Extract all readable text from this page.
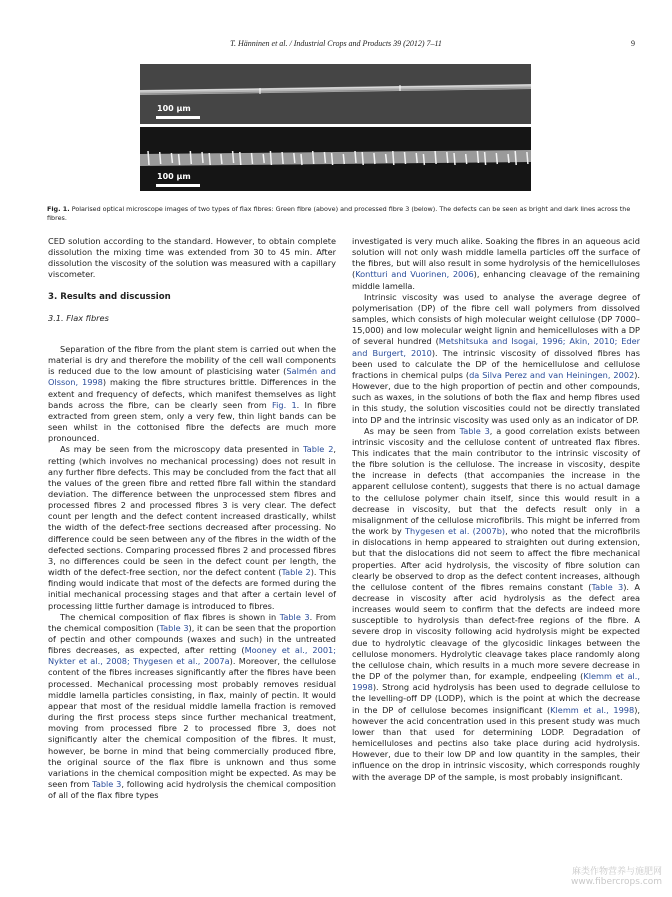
T. Hänninen et al. / Industrial Crops and Products 39 (2012) 7–11	9
100 μm
100 μm
Fig. 1. Polarised optical microscope images of two types of flax fibres: Green fibre (above) and processed fibre 3 (below). The defects can be seen as bright and dark lines across the fibres.

CED solution according to the standard. However, to obtain complete dissolution the mixing time was extended from 30 to 45 min. After dissolution the viscosity of the solution was measured with a capillary viscometer.

3. Results and discussion

3.1. Flax fibres

Separation of the fibre from the plant stem is carried out when the material is dry and therefore the mobility of the cell wall components is reduced due to the low amount of plasticising water (Salmén and Olsson, 1998) making the fibre structures brittle. Differences in the extent and frequency of defects, which manifest themselves as light bands across the fibre, can be clearly seen from Fig. 1. In fibre extracted from green stem, only a very few, thin light bands can be seen whilst in the cottonised fibre the defects are much more pronounced.

As may be seen from the microscopy data presented in Table 2, retting (which involves no mechanical processing) does not result in any further fibre defects. This may be concluded from the fact that all the values of the green fibre and retted fibre fall within the standard deviation. The difference between the unprocessed stem fibres and processed fibres 2 and processed fibres 3 is very clear. The defect count per length and the defect content increased drastically, whilst the width of the defect-free sections decreased after processing. No difference could be seen between any of the fibres in the width of the defected sections. Comparing processed fibres 2 and processed fibres 3, no differences could be seen in the defect count per length, the width of the defect-free section, nor the defect content (Table 2). This finding would indicate that most of the defects are formed during the initial mechanical processing stages and that after a certain level of processing little further damage is introduced to fibres.

The chemical composition of flax fibres is shown in Table 3. From the chemical composition (Table 3), it can be seen that the proportion of pectin and other compounds (waxes and such) in the untreated fibres decreases, as expected, after retting (Mooney et al., 2001; Nykter et al., 2008; Thygesen et al., 2007a). Moreover, the cellulose content of the fibres increases significantly after the fibres have been processed. Mechanical processing most probably removes residual middle lamella particles consisting, in flax, mainly of pectin. It would appear that most of the residual middle lamella fraction is removed during the first process steps since further mechanical treatment, moving from processed fibre 2 to processed fibre 3, does not significantly alter the chemical composition of the fibres. It must, however, be borne in mind that being commercially produced fibre, the original source of the flax fibre is unknown and thus some variations in the chemical composition might be expected. As may be seen from Table 3, following acid hydrolysis the chemical composition of all of the flax fibre types

investigated is very much alike. Soaking the fibres in an aqueous acid solution will not only wash middle lamella particles off the surface of the fibres, but will also result in some hydrolysis of the hemicelluloses (Kontturi and Vuorinen, 2006), enhancing cleavage of the remaining middle lamella.

Intrinsic viscosity was used to analyse the average degree of polymerisation (DP) of the fibre cell wall polymers from dissolved samples, which consists of high molecular weight cellulose (DP 7000–15,000) and low molecular weight lignin and hemicelluloses with a DP of several hundred (Metshitsuka and Isogai, 1996; Akin, 2010; Eder and Burgert, 2010). The intrinsic viscosity of dissolved fibres has been used to calculate the DP of the hemicellulose and cellulose fractions in chemical pulps (da Silva Perez and van Heiningen, 2002). However, due to the high proportion of pectin and other compounds, such as waxes, in the solutions of both the flax and hemp fibres used in this study, the solution viscosities could not be directly translated into DP and the intrinsic viscosity was used only as an indicator of DP.

As may be seen from Table 3, a good correlation exists between intrinsic viscosity and the cellulose content of untreated flax fibres. This indicates that the main contributor to the intrinsic viscosity of the fibre solution is the cellulose. The increase in viscosity, despite the increase in defects (that accompanies the increase in the apparent cellulose content), suggests that there is no actual damage to the cellulose polymer chain itself, since this would result in a decrease in viscosity, but that the defects result only in a misalignment of the cellulose microfibrils. This might be inferred from the work by Thygesen et al. (2007b), who noted that the microfibrils in dislocations in hemp appeared to straighten out during extension, but that the dislocations did not seem to affect the fibre mechanical properties. After acid hydrolysis, the viscosity of fibre solution can clearly be observed to drop as the defect content increases, although the cellulose content of the fibres remains constant (Table 3). A decrease in viscosity after acid hydrolysis as the defect area increases would seem to confirm that the defects are indeed more susceptible to hydrolysis than defect-free regions of the fibre. A severe drop in viscosity following acid hydrolysis might be expected due to hydrolytic cleavage of the glycosidic linkages between the cellulose monomers. Hydrolytic cleavage takes place randomly along the cellulose chain, which results in a much more severe decrease in the DP of the polymer than, for example, endpeeling (Klemm et al., 1998). Strong acid hydrolysis has been used to degrade cellulose to the levelling-off DP (LODP), which is the point at which the decrease in the DP of cellulose becomes insignificant (Klemm et al., 1998), however the acid concentration used in this present study was much lower than that used for determining LODP. Degradation of hemicelluloses and pectins also take place during acid hydrolysis. However, due to their low DP and low quantity in the samples, their influence on the drop in intrinsic viscosity, which corresponds roughly with the average DP of the sample, is most probably insignificant.

麻类作物营养与施肥网
www.fibercrops.com
